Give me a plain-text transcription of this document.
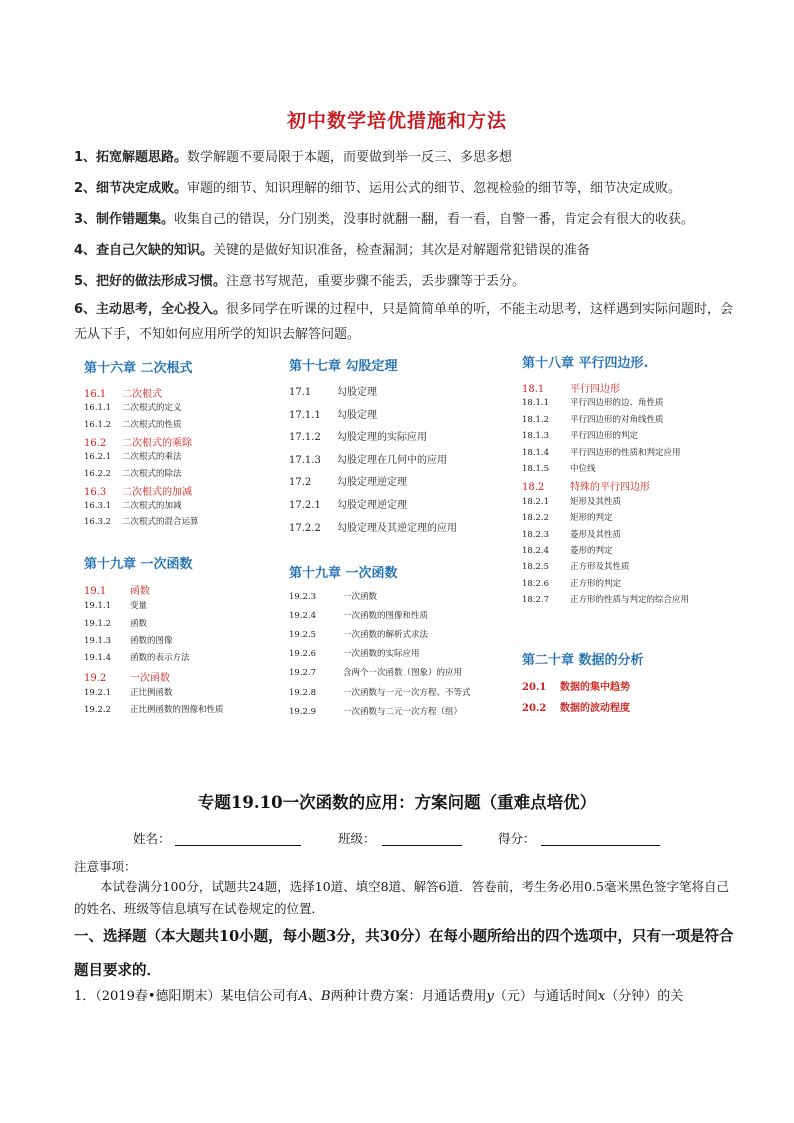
初中数学培优措施和方法
1、拓宽解题思路。数学解题不要局限于本题，而要做到举一反三、多思多想
2、细节决定成败。审题的细节、知识理解的细节、运用公式的细节、忽视检验的细节等，细节决定成败。
3、制作错题集。收集自己的错误，分门别类，没事时就翻一翻，看一看，自警一番，肯定会有很大的收获。
4、查自己欠缺的知识。关键的是做好知识准备，检查漏洞；其次是对解题常犯错误的准备
5、把好的做法形成习惯。注意书写规范，重要步骤不能丢，丢步骤等于丢分。
6、主动思考，全心投入。很多同学在听课的过程中，只是简简单单的听，不能主动思考，这样遇到实际问题时，会无从下手，不知如何应用所学的知识去解答问题。
第十六章 二次根式	第十七章 勾股定理	第十八章 平行四边形.
第十九章 一次函数
第十九章 一次函数
第二十章 数据的分析
16.1 二次根式
16.1.1 二次根式的定义
16.1.2 二次根式的性质
16.2 二次根式的乘除
16.2.1 二次根式的乘法
16.2.2 二次根式的除法
16.3 二次根式的加减
16.3.1 二次根式的加减
16.3.2 二次根式的混合运算
17.1	勾股定理
17.1.1 勾股定理
17.1.2 勾股定理的实际应用
17.1.3 勾股定理在几何中的应用
17.2	勾股定理逆定理
17.2.1 勾股定理逆定理
17.2.2 勾股定理及其逆定理的应用
18.1	平行四边形
18.1.1 平行四边形的边、角性质
18.1.2 平行四边形的对角线性质
18.1.3 平行四边形的判定
18.1.4 平行四边形的性质和判定应用
18.1.5 中位线
18.2	特殊的平行四边形
18.2.1 矩形及其性质
18.2.2 矩形的判定
18.2.3 菱形及其性质
18.2.4 菱形的判定
18.2.5 正方形及其性质
18.2.6 正方形的判定
18.2.7 正方形的性质与判定的综合应用
19.1 函数
19.1.1 变量
19.1.2 函数
19.1.3 函数的图像
19.1.4 函数的表示方法
19.2 一次函数
19.2.1 正比例函数
19.2.2 正比例函数的图像和性质
19.2.3	一次函数
19.2.4	一次函数的图像和性质
19.2.5	一次函数的解析式求法
19.2.6	一次函数的实际应用
19.2.7	含两个一次函数（图象）的应用
19.2.8	一次函数与一元一次方程、不等式
19.2.9	一次函数与二元一次方程（组）
20.1 数据的集中趋势
20.2 数据的波动程度
专题19.10一次函数的应用：方案问题（重难点培优）
姓名：	班级：	得分：
注意事项：
本试卷满分100分，试题共24题，选择10道、填空8道、解答6道．答卷前，考生务必用0.5毫米黑色签字笔将自己的姓名、班级等信息填写在试卷规定的位置．
一、选择题（本大题共10小题，每小题3分，共30分）在每小题所给出的四个选项中，只有一项是符合题目要求的．
1．（2019春•德阳期末）某电信公司有A、B两种计费方案：月通话费用y（元）与通话时间x（分钟）的关
